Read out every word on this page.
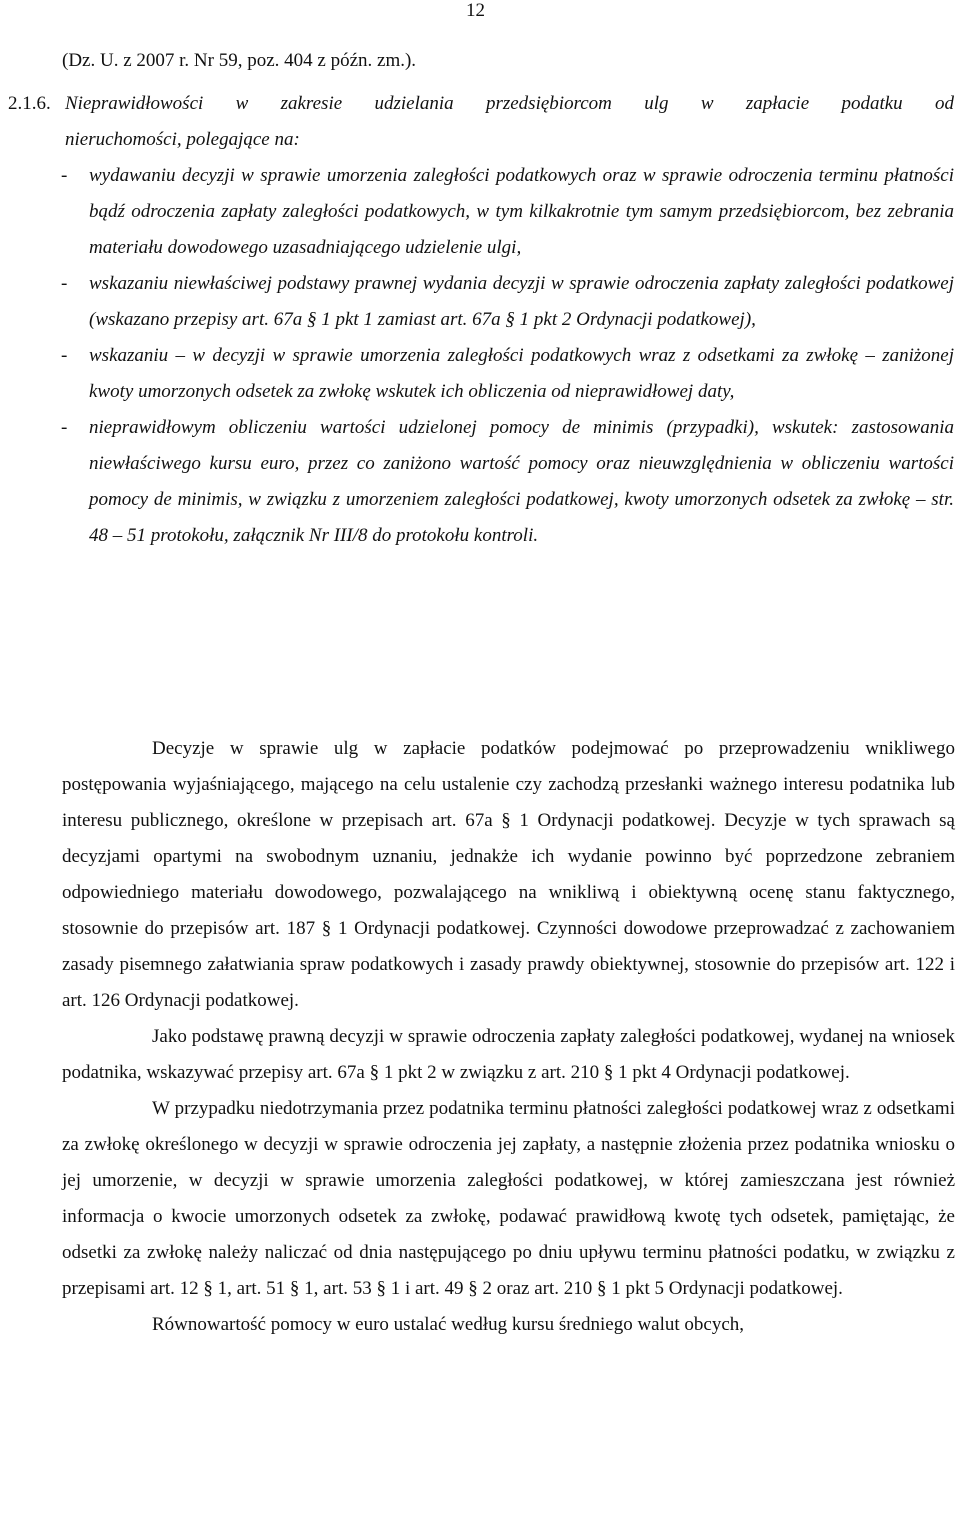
12
(Dz. U. z 2007 r. Nr 59, poz. 404 z późn. zm.).
2.1.6. Nieprawidłowości w zakresie udzielania przedsiębiorcom ulg w zapłacie podatku od
nieruchomości, polegające na:
-	wydawaniu decyzji w sprawie umorzenia zaległości podatkowych oraz w sprawie odroczenia terminu płatności bądź odroczenia zapłaty zaległości podatkowych, w tym kilkakrotnie tym samym przedsiębiorcom, bez zebrania materiału dowodowego uzasadniającego udzielenie ulgi,
-	wskazaniu niewłaściwej podstawy prawnej wydania decyzji w sprawie odroczenia zapłaty zaległości podatkowej (wskazano przepisy art. 67a § 1 pkt 1 zamiast art. 67a § 1 pkt 2 Ordynacji podatkowej),
-	wskazaniu – w decyzji w sprawie umorzenia zaległości podatkowych wraz z odsetkami za zwłokę – zaniżonej kwoty umorzonych odsetek za zwłokę wskutek ich obliczenia od nieprawidłowej daty,
-	nieprawidłowym obliczeniu wartości udzielonej pomocy de minimis (przypadki), wskutek: zastosowania niewłaściwego kursu euro, przez co zaniżono wartość pomocy oraz nieuwzględnienia w obliczeniu wartości pomocy de minimis, w związku z umorzeniem zaległości podatkowej, kwoty umorzonych odsetek za zwłokę – str. 48 – 51 protokołu, załącznik Nr III/8 do protokołu kontroli.

Decyzje w sprawie ulg w zapłacie podatków podejmować po przeprowadzeniu wnikliwego postępowania wyjaśniającego, mającego na celu ustalenie czy zachodzą przesłanki ważnego interesu podatnika lub interesu publicznego, określone w przepisach art. 67a § 1 Ordynacji podatkowej. Decyzje w tych sprawach są decyzjami opartymi na swobodnym uznaniu, jednakże ich wydanie powinno być poprzedzone zebraniem odpowiedniego materiału dowodowego, pozwalającego na wnikliwą i obiektywną ocenę stanu faktycznego, stosownie do przepisów art. 187 § 1 Ordynacji podatkowej. Czynności dowodowe przeprowadzać z zachowaniem zasady pisemnego załatwiania spraw podatkowych i zasady prawdy obiektywnej, stosownie do przepisów art. 122 i art. 126 Ordynacji podatkowej.

Jako podstawę prawną decyzji w sprawie odroczenia zapłaty zaległości podatkowej, wydanej na wniosek podatnika, wskazywać przepisy art. 67a § 1 pkt 2 w związku z art. 210 § 1 pkt 4 Ordynacji podatkowej.

W przypadku niedotrzymania przez podatnika terminu płatności zaległości podatkowej wraz z odsetkami za zwłokę określonego w decyzji w sprawie odroczenia jej zapłaty, a następnie złożenia przez podatnika wniosku o jej umorzenie, w decyzji w sprawie umorzenia zaległości podatkowej, w której zamieszczana jest również informacja o kwocie umorzonych odsetek za zwłokę, podawać prawidłową kwotę tych odsetek, pamiętając, że odsetki za zwłokę należy naliczać od dnia następującego po dniu upływu terminu płatności podatku, w związku z przepisami art. 12 § 1, art. 51 § 1, art. 53 § 1 i art. 49 § 2 oraz art. 210 § 1 pkt 5 Ordynacji podatkowej.

Równowartość pomocy w euro ustalać według kursu średniego walut obcych,
